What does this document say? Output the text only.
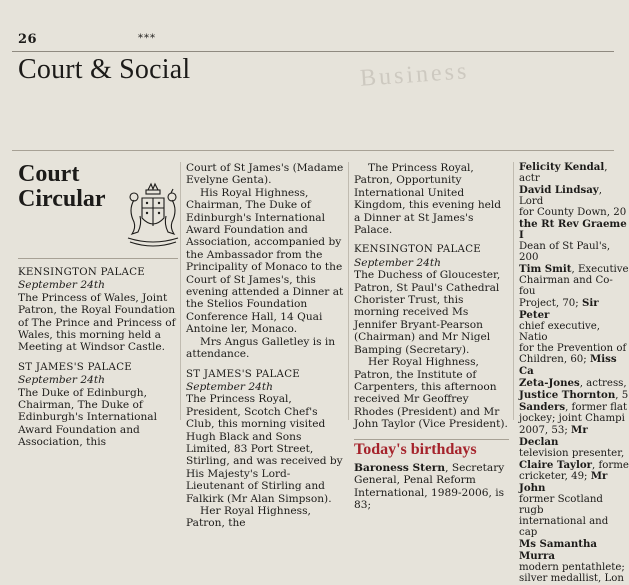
26	***
Court & Social	Business
Court
Circular
KENSINGTON PALACE
September 24th

The Princess of Wales, Joint Patron, the Royal Foundation of The Prince and Princess of Wales, this morning held a Meeting at Windsor Castle.

ST JAMES'S PALACE
September 24th

The Duke of Edinburgh, Chairman, The Duke of Edinburgh's International Award Foundation and Association, this

Court of St James's (Madame Evelyne Genta).

His Royal Highness, Chairman, The Duke of Edinburgh's International Award Foundation and Association, accompanied by the Ambassador from the Principality of Monaco to the Court of St James's, this evening attended a Dinner at the Stelios Foundation Conference Hall, 14 Quai Antoine ler, Monaco.

Mrs Angus Galletley is in attendance.

ST JAMES'S PALACE
September 24th

The Princess Royal, President, Scotch Chef's Club, this morning visited Hugh Black and Sons Limited, 83 Port Street, Stirling, and was received by His Majesty's Lord-Lieutenant of Stirling and Falkirk (Mr Alan Simpson).

Her Royal Highness, Patron, the

The Princess Royal, Patron, Opportunity International United Kingdom, this evening held a Dinner at St James's Palace.

KENSINGTON PALACE
September 24th

The Duchess of Gloucester, Patron, St Paul's Cathedral Chorister Trust, this morning received Ms Jennifer Bryant-Pearson (Chairman) and Mr Nigel Bamping (Secretary).

Her Royal Highness, Patron, the Institute of Carpenters, this afternoon received Mr Geoffrey Rhodes (President) and Mr John Taylor (Vice President).

Today's birthdays

Baroness Stern, Secretary General, Penal Reform International, 1989-2006, is 83;

Felicity Kendal, actr
David Lindsay, Lord
for County Down, 20
the Rt Rev Graeme I
Dean of St Paul's, 200
Tim Smit, Executive
Chairman and Co-fou
Project, 70; Sir Peter
chief executive, Natio
for the Prevention of
Children, 60; Miss Ca
Zeta-Jones, actress,
Justice Thornton, 5
Sanders, former flat
jockey; joint Champi
2007, 53; Mr Declan
television presenter,
Claire Taylor, forme
cricketer, 49; Mr John
former Scotland rugb
international and cap
Ms Samantha Murra
modern pentathlete;
silver medallist, Lon
